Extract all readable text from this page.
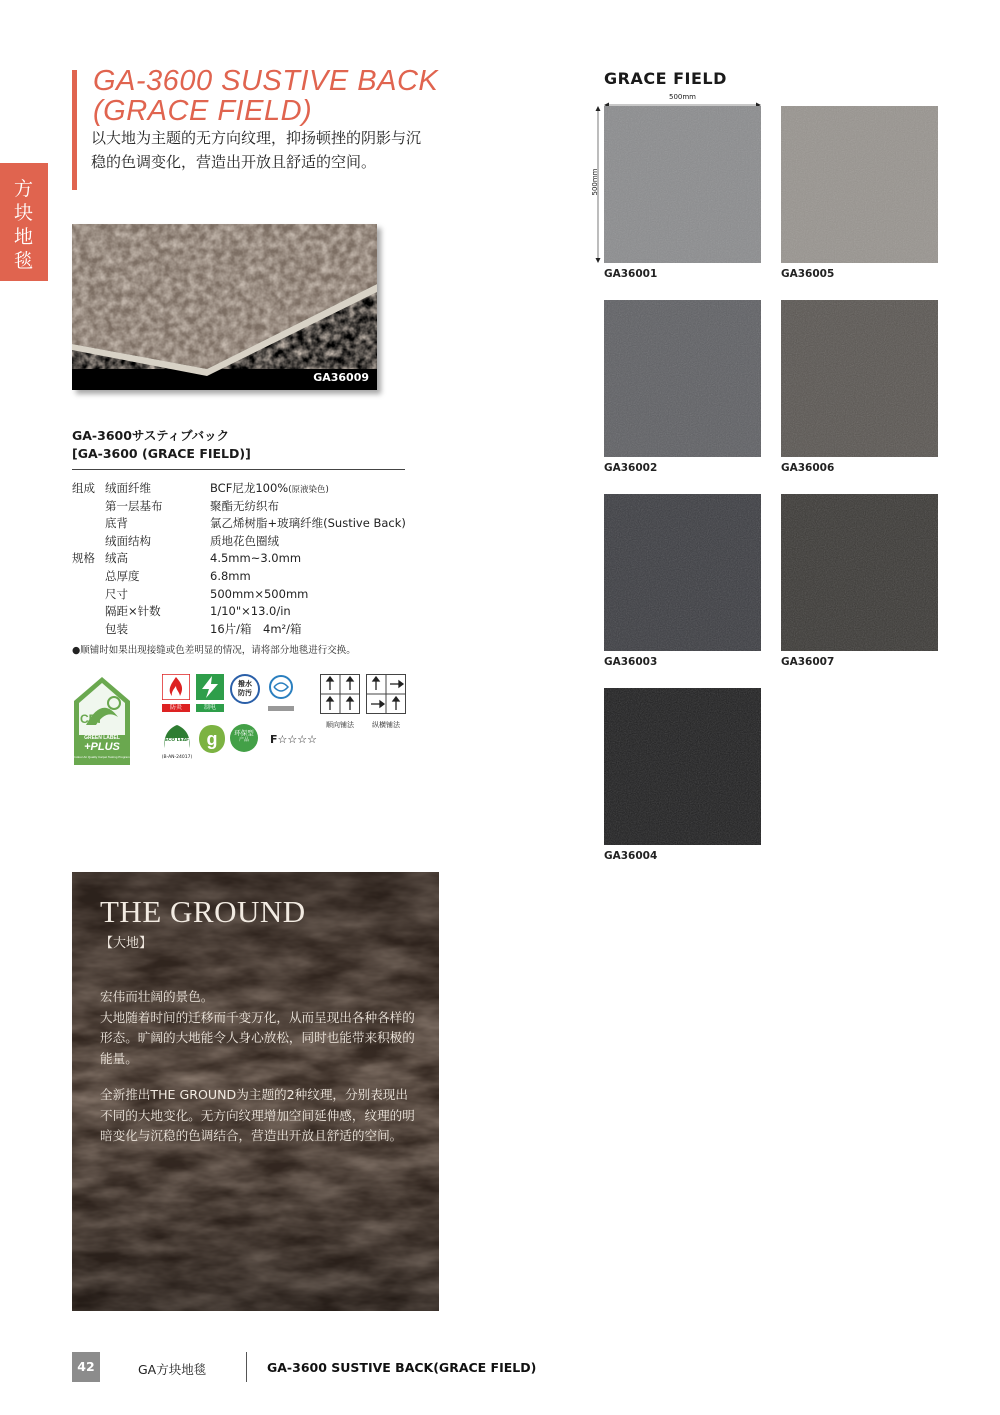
方
块
地
毯
GA-3600 SUSTIVE BACK
(GRACE FIELD)
以大地为主题的无方向纹理，抑扬顿挫的阴影与沉稳的色调变化，营造出开放且舒适的空间。
GA36009
GA-3600サスティブバック
[GA-3600 (GRACE FIELD)]
组成 绒面纤维	BCF尼龙100%(原液染色)
第一层基布	聚酯无纺织布
底背	氯乙烯树脂+玻璃纤维(Sustive Back)
绒面结构	质地花色圈绒
规格 绒高	4.5mm~3.0mm
总厚度	6.8mm
尺寸	500mm×500mm
隔距×针数	1/10"×13.0/in
包装	16片/箱　4m²/箱
●顺铺时如果出现接缝或色差明显的情况，请将部分地毯进行交换。
CRI
GREEN LABEL
+PLUS
Indoor Air Quality Carpet Testing Program
防炎	制电
撥水
防汚
ECO LEAF
(B-AN-24017)
g	环保型
产品	F☆☆☆☆
顺向铺法	纵横铺法
GRACE FIELD
500mm
500mm
GA36001	GA36005
GA36002	GA36006
GA36003	GA36007
GA36004
THE GROUND
【大地】

宏伟而壮阔的景色。
大地随着时间的迁移而千变万化，从而呈现出各种各样的形态。旷阔的大地能令人身心放松，同时也能带来积极的能量。

全新推出THE GROUND为主题的2种纹理，分别表现出不同的大地变化。无方向纹理增加空间延伸感，纹理的明暗变化与沉稳的色调结合，营造出开放且舒适的空间。

42	GA方块地毯	GA-3600 SUSTIVE BACK(GRACE FIELD)
